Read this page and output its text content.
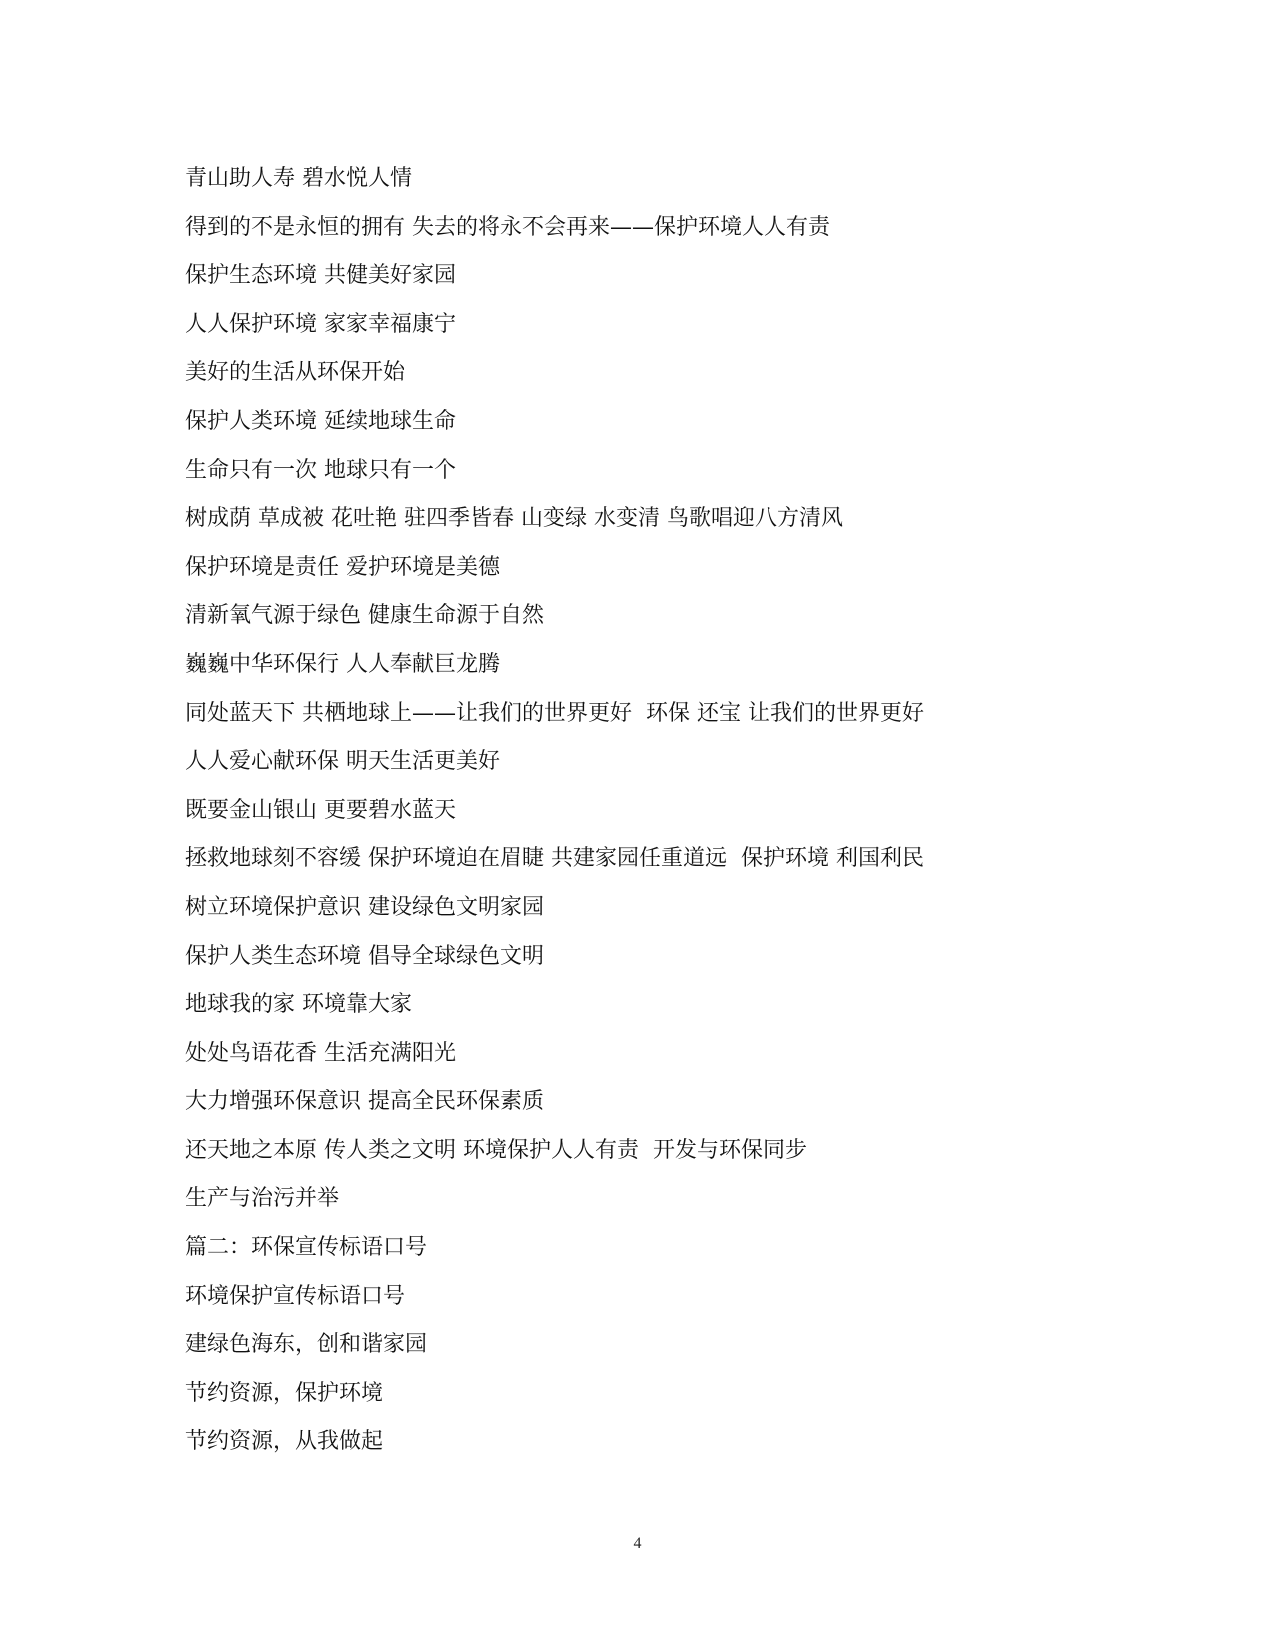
青山助人寿 碧水悦人情
得到的不是永恒的拥有 失去的将永不会再来——保护环境人人有责
保护生态环境 共健美好家园
人人保护环境 家家幸福康宁
美好的生活从环保开始
保护人类环境 延续地球生命
生命只有一次 地球只有一个
树成荫 草成被 花吐艳 驻四季皆春 山变绿 水变清 鸟歌唱迎八方清风
保护环境是责任 爱护环境是美德
清新氧气源于绿色 健康生命源于自然
巍巍中华环保行 人人奉献巨龙腾
同处蓝天下 共栖地球上——让我们的世界更好  环保 还宝 让我们的世界更好
人人爱心献环保 明天生活更美好
既要金山银山 更要碧水蓝天
拯救地球刻不容缓 保护环境迫在眉睫 共建家园任重道远  保护环境 利国利民
树立环境保护意识 建设绿色文明家园
保护人类生态环境 倡导全球绿色文明
地球我的家 环境靠大家
处处鸟语花香 生活充满阳光
大力增强环保意识 提高全民环保素质
还天地之本原 传人类之文明 环境保护人人有责  开发与环保同步
生产与治污并举
篇二：环保宣传标语口号
环境保护宣传标语口号
建绿色海东，创和谐家园
节约资源，保护环境
节约资源，从我做起
4
